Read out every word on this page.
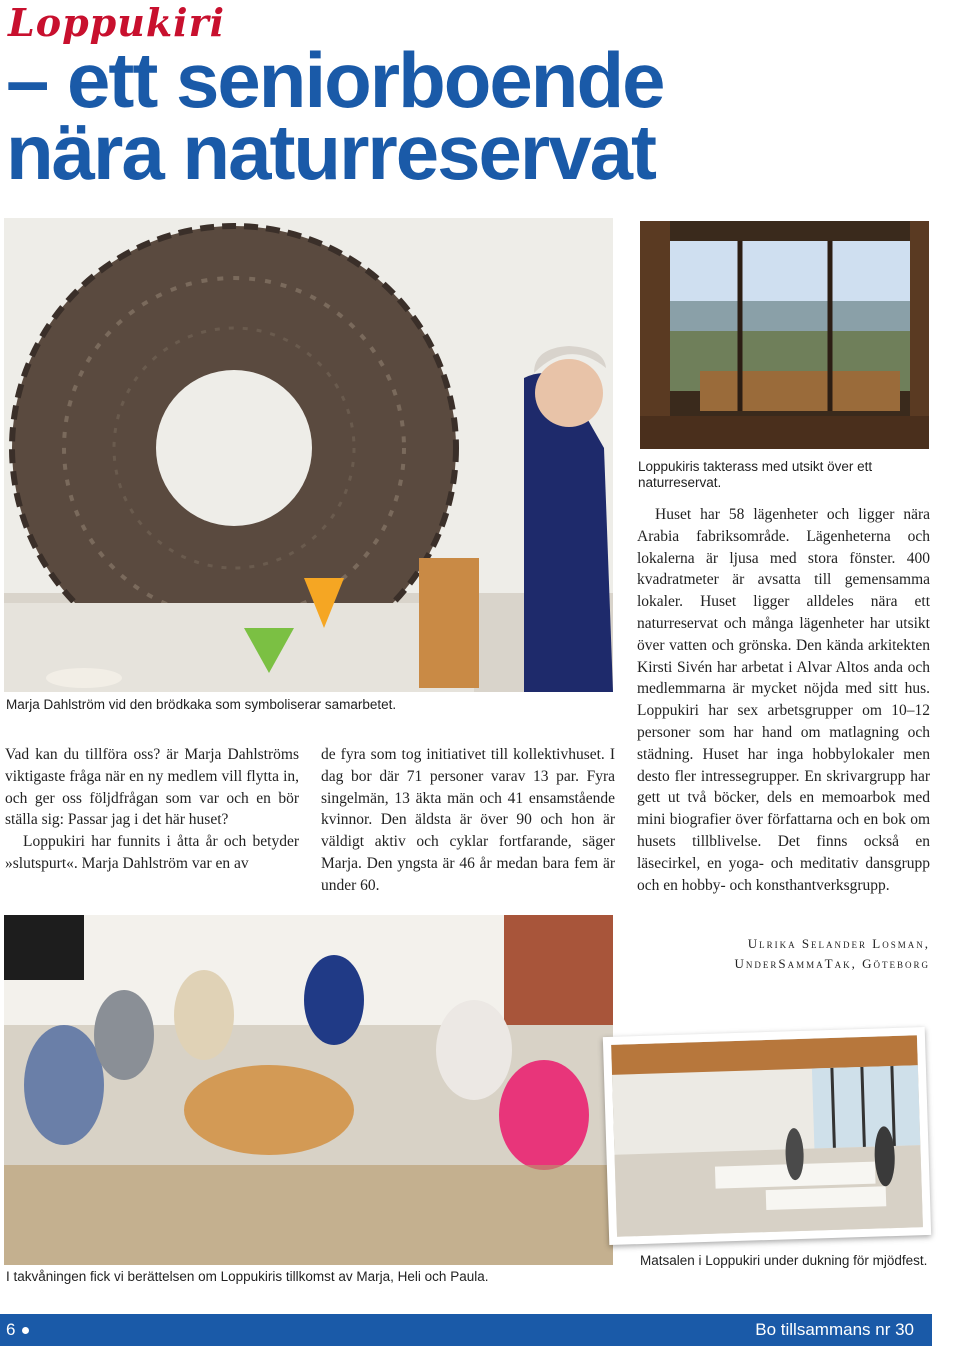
Loppukiri
– ett seniorboende
nära naturreservat
Marja Dahlström vid den brödkaka som symboliserar samarbetet.
Loppukiris takterass med utsikt över ett naturreservat.

Vad kan du tillföra oss? är Marja Dahlströms viktigaste fråga när en ny medlem vill flytta in, och ger oss följdfrågan som var och en bör ställa sig: Passar jag i det här huset?

Loppukiri har funnits i åtta år och betyder »slutspurt«. Marja Dahlström var en av

de fyra som tog initiativet till kollektivhuset. I dag bor där 71 personer varav 13 par. Fyra singelmän, 13 äkta män och 41 ensamstående kvinnor. Den äldsta är över 90 och hon är väldigt aktiv och cyklar fortfarande, säger Marja. Den yngsta är 46 år medan bara fem är under 60.

Huset har 58 lägenheter och ligger nära Arabia fabriksområde. Lägenheterna och lokalerna är ljusa med stora fönster. 400 kvadratmeter är avsatta till gemensamma lokaler. Huset ligger alldeles nära ett naturreservat och många lägenheter har utsikt över vatten och grönska. Den kända arkitekten Kirsti Sivén har arbetat i Alvar Altos anda och medlemmarna är mycket nöjda med sitt hus. Loppukiri har sex arbetsgrupper om 10–12 personer som har hand om matlagning och städning. Huset har inga hobbylokaler men desto fler intressegrupper. En skrivargrupp har gett ut två böcker, dels en memoarbok med mini biografier över författarna och en bok om husets tillblivelse. Det finns också en läsecirkel, en yoga- och meditativ dansgrupp och en hobby- och konsthantverksgrupp.

Ulrika Selander Losman,
UnderSammaTak, Göteborg
I takvåningen fick vi berättelsen om Loppukiris tillkomst av Marja, Heli och Paula.
Matsalen i Loppukiri under dukning för mjödfest.
6	Bo tillsammans nr 30
